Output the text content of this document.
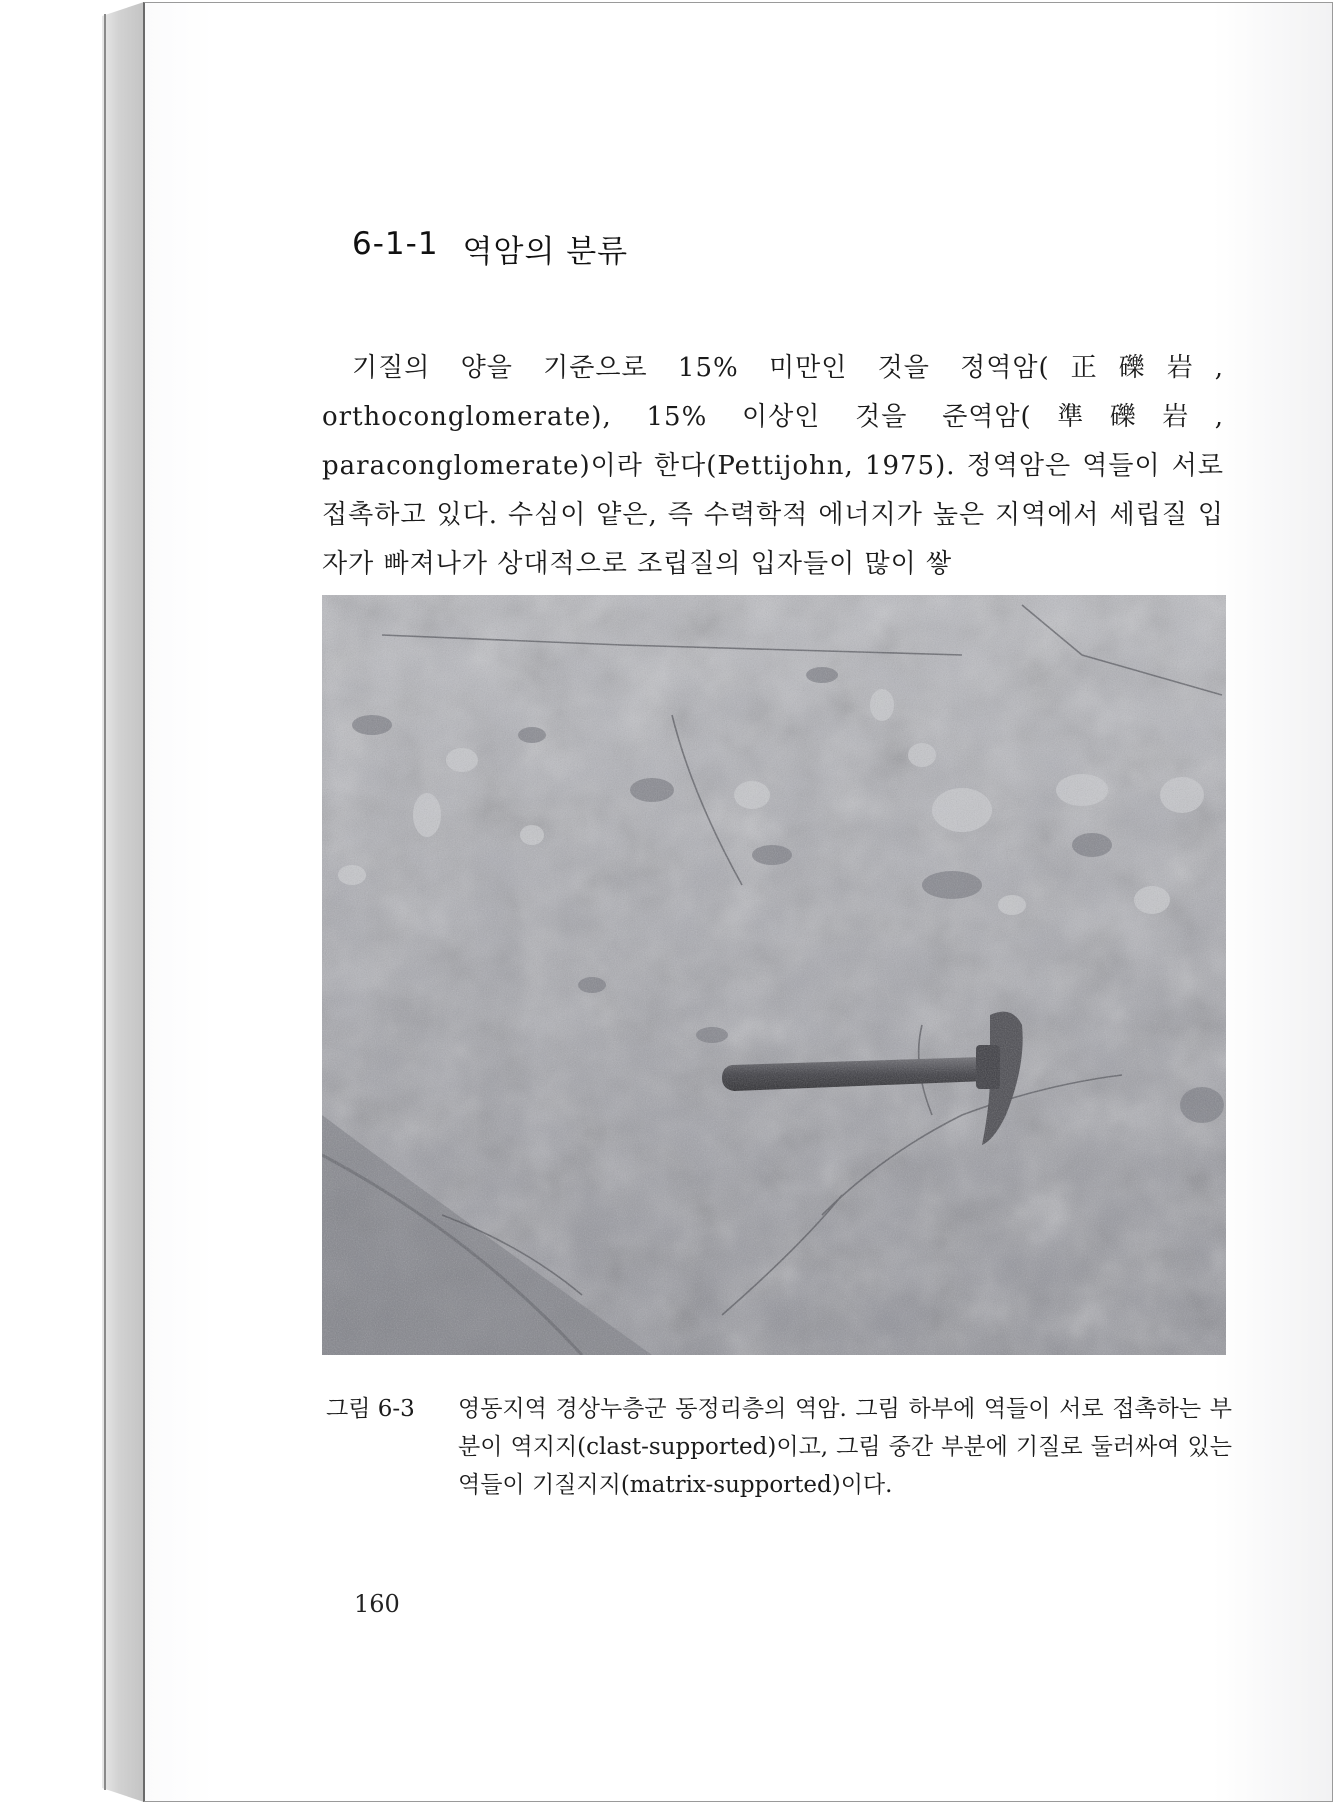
6-1-1 역암의 분류

기질의 양을 기준으로 15% 미만인 것을 정역암(正礫岩, orthoconglomerate), 15% 이상인 것을 준역암(準礫岩, paraconglomerate)이라 한다(Pettijohn, 1975). 정역암은 역들이 서로 접촉하고 있다. 수심이 얕은, 즉 수력학적 에너지가 높은 지역에서 세립질 입자가 빠져나가 상대적으로 조립질의 입자들이 많이 쌓

그림 6-3	영동지역 경상누층군 동정리층의 역암. 그림 하부에 역들이 서로 접촉하는 부분이 역지지(clast-supported)이고, 그림 중간 부분에 기질로 둘러싸여 있는 역들이 기질지지(matrix-supported)이다.
160
